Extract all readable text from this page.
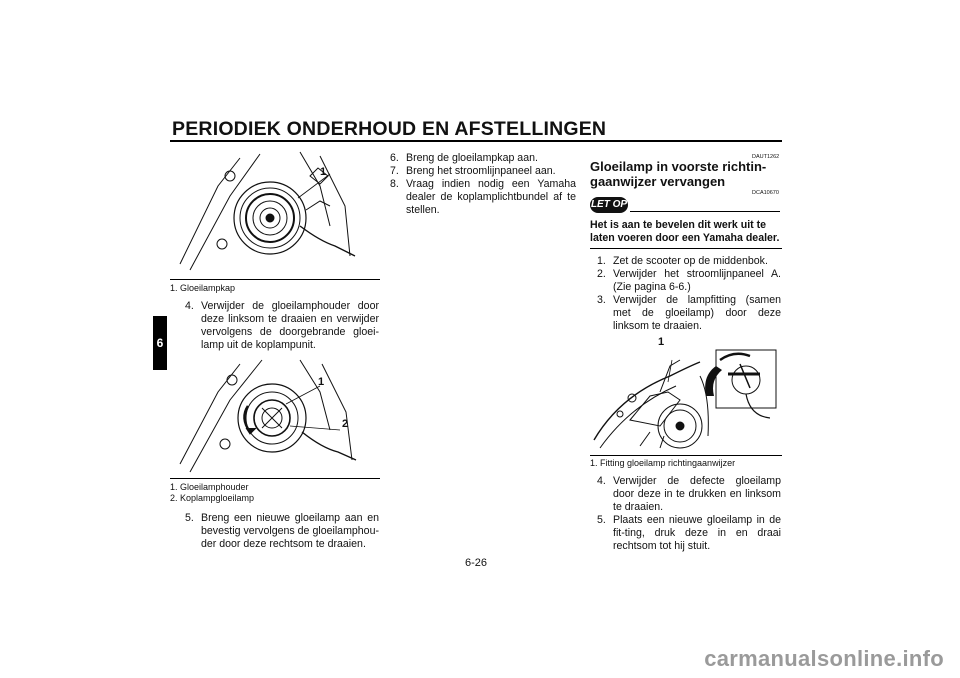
PERIODIEK ONDERHOUD EN AFSTELLINGEN
6
1
1. Gloeilampkap
4. Verwijder de gloeilamphouder door deze linksom te draaien en verwijder vervolgens de doorgebrande gloei-lamp uit de koplampunit.
1
2
1. Gloeilamphouder
2. Koplampgloeilamp
5. Breng een nieuwe gloeilamp aan en bevestig vervolgens de gloeilamphou-der door deze rechtsom te draaien.
6. Breng de gloeilampkap aan.
7. Breng het stroomlijnpaneel aan.
8. Vraag indien nodig een Yamaha dealer de koplamplichtbundel af te stellen.
DAUT1262
Gloeilamp in voorste richtin-gaanwijzer vervangen
DCA10670
LET OP
Het is aan te bevelen dit werk uit te laten voeren door een Yamaha dealer.
1. Zet de scooter op de middenbok.
2. Verwijder het stroomlijnpaneel A. (Zie pagina 6-6.)
3. Verwijder de lampfitting (samen met de gloeilamp) door deze linksom te draaien.
1
1. Fitting gloeilamp richtingaanwijzer
4. Verwijder de defecte gloeilamp door deze in te drukken en linksom te draaien.
5. Plaats een nieuwe gloeilamp in de fit-ting, druk deze in en draai rechtsom tot hij stuit.
6-26
carmanualsonline.info
